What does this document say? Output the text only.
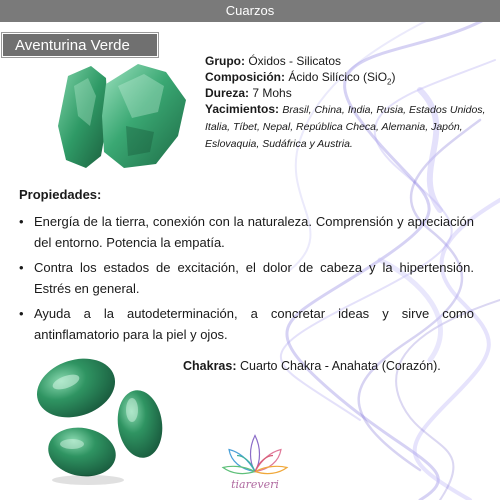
Cuarzos
Aventurina Verde

Grupo: Óxidos - Silicatos

Composición: Ácido Silícico (SiO$_2$)

Dureza: 7 Mohs

Yacimientos: Brasil, China, India, Rusia, Estados Unidos, Italia, Tíbet, Nepal, República Checa, Alemania, Japón, Eslovaquia, Sudáfrica y Austria.

Propiedades:
• Energía de la tierra, conexión con la naturaleza. Comprensión y apreciación del entorno. Potencia la empatía.
• Contra los estados de excitación, el dolor de cabeza y la hipertensión. Estrés en general.
• Ayuda a la autodeterminación, a concretar ideas y sirve como antinflamatorio para la piel y ojos.
Chakras: Cuarto Chakra - Anahata (Corazón).
tiareveri
